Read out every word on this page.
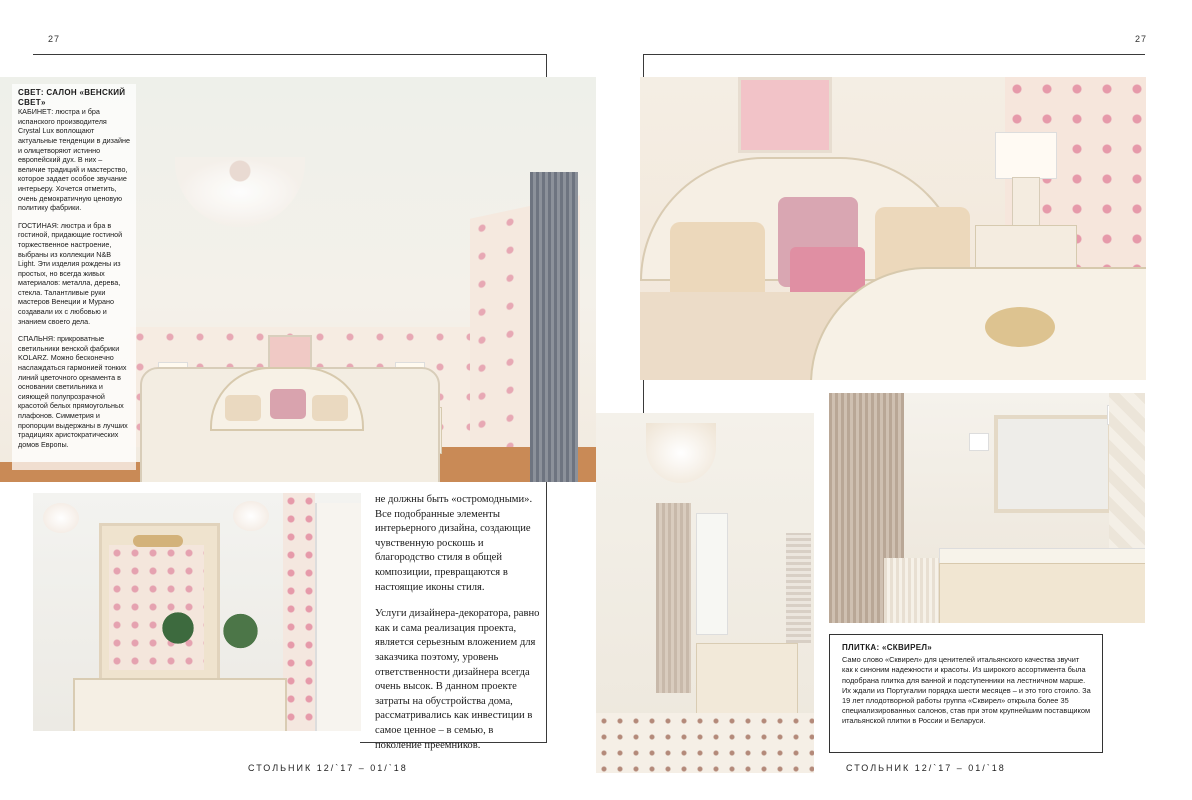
27	27
СВЕТ: САЛОН «ВЕНСКИЙ СВЕТ»

КАБИНЕТ: люстра и бра испанского производителя Crystal Lux воплощают актуальные тенденции в дизайне и олицетворяют истинно европейский дух. В них – величие традиций и мастерство, которое задает особое звучание интерьеру. Хочется отметить, очень демократичную ценовую политику фабрики.

ГОСТИНАЯ: люстра и бра в гостиной, придающие гостиной торжественное настроение, выбраны из коллекции N&B Light. Эти изделия рождены из простых, но всегда живых материалов: металла, дерева, стекла. Талантливые руки мастеров Венеции и Мурано создавали их с любовью и знанием своего дела.

СПАЛЬНЯ: прикроватные светильники венской фабрики KOLARZ. Можно бесконечно наслаждаться гармонией тонких линий цветочного орнамента в основании светильника и сияющей полупрозрачной красотой белых прямоугольных плафонов. Симметрия и пропорции выдержаны в лучших традициях аристократических домов Европы.

не должны быть «остромодными». Все подобранные элементы интерьерного дизайна, создающие чувственную роскошь и благородство стиля в общей композиции, превращаются в настоящие иконы стиля.

Услуги дизайнера-декоратора, равно как и сама реализация проекта, является серьезным вложением для заказчика поэтому, уровень ответственности дизайнера всегда очень высок. В данном проекте затраты на обустройства дома, рассматривались как инвестиции в самое ценное – в семью, в поколение преемников.

ПЛИТКА: «СКВИРЕЛ»
Само слово «Сквирел» для ценителей итальянского качества звучит как к синоним надежности и красоты. Из широкого ассортимента была подобрана плитка для ванной и подступенники на лестничном марше. Их ждали из Португалии порядка шести месяцев – и это того стоило. За 19 лет плодотворной работы группа «Сквирел» открыла более 35 специализированных салонов, став при этом крупнейшим поставщиком итальянской плитки в России и Беларуси.
СТОЛЬНИК 12/`17 – 01/`18	СТОЛЬНИК 12/`17 – 01/`18
